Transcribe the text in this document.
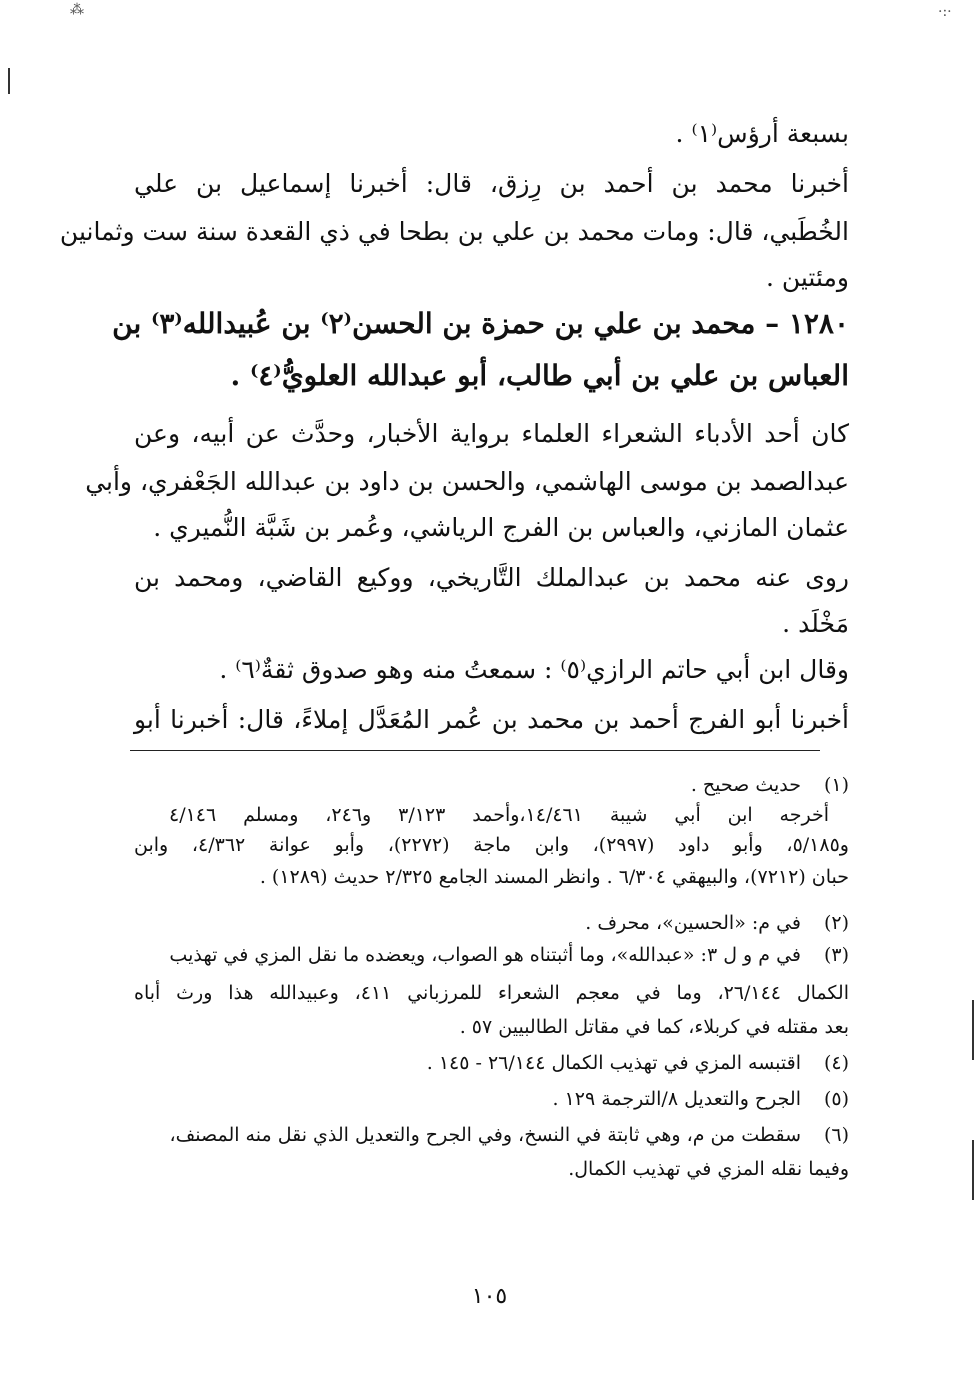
⁂	·:·
بسبعة أرؤس⁽١⁾ .
أخبرنا محمد بن أحمد بن رِزق، قال: أخبرنا إسماعيل بن علي
الخُطَبي، قال: ومات محمد بن علي بن بطحا في ذي القعدة سنة ست وثمانين
ومئتين .
١٢٨٠ – محمد بن علي بن حمزة بن الحسن⁽٢⁾ بن عُبيدالله⁽٣⁾ بن
العباس بن علي بن أبي طالب، أبو عبدالله العلويُّ⁽٤⁾ .
كان أحد الأدباء الشعراء العلماء برواية الأخبار، وحدَّث عن أبيه، وعن
عبدالصمد بن موسى الهاشمي، والحسن بن داود بن عبدالله الجَعْفري، وأبي
عثمان المازني، والعباس بن الفرج الرياشي، وعُمر بن شَبَّة النُّميري .
روى عنه محمد بن عبدالملك التَّاريخي، ووكيع القاضي، ومحمد بن
مَخْلَد .
وقال ابن أبي حاتم الرازي⁽٥⁾ : سمعتُ منه وهو صدوق ثقةٌ⁽٦⁾ .
أخبرنا أبو الفرج أحمد بن محمد بن عُمر المُعَدَّل إملاءً، قال: أخبرنا أبو
(١)حديث صحيح .
أخرجه ابن أبي شيبة ١٤/٤٦١،وأحمد ٣/١٢٣ و٢٤٦، ومسلم ٤/١٤٦
و٥/١٨٥، وأبو داود (٢٩٩٧)، وابن ماجة (٢٢٧٢)، وأبو عوانة ٤/٣٦٢، وابن
حبان (٧٢١٢)، والبيهقي ٦/٣٠٤ . وانظر المسند الجامع ٢/٣٢٥ حديث (١٢٨٩) .
(٢)في م: «الحسين»، محرف .
(٣)في م و ل ٣: «عبدالله»، وما أثبتناه هو الصواب، ويعضده ما نقل المزي في تهذيب
الكمال ٢٦/١٤٤، وما في معجم الشعراء للمرزباني ٤١١، وعبيدالله هذا ورث أباه
بعد مقتله في كربلاء، كما في مقاتل الطالبيين ٥٧ .
(٤)اقتبسه المزي في تهذيب الكمال ٢٦/١٤٤ - ١٤٥ .
(٥)الجرح والتعديل ٨/الترجمة ١٢٩ .
(٦)سقطت من م، وهي ثابتة في النسخ، وفي الجرح والتعديل الذي نقل منه المصنف،
وفيما نقله المزي في تهذيب الكمال.
١٠٥
